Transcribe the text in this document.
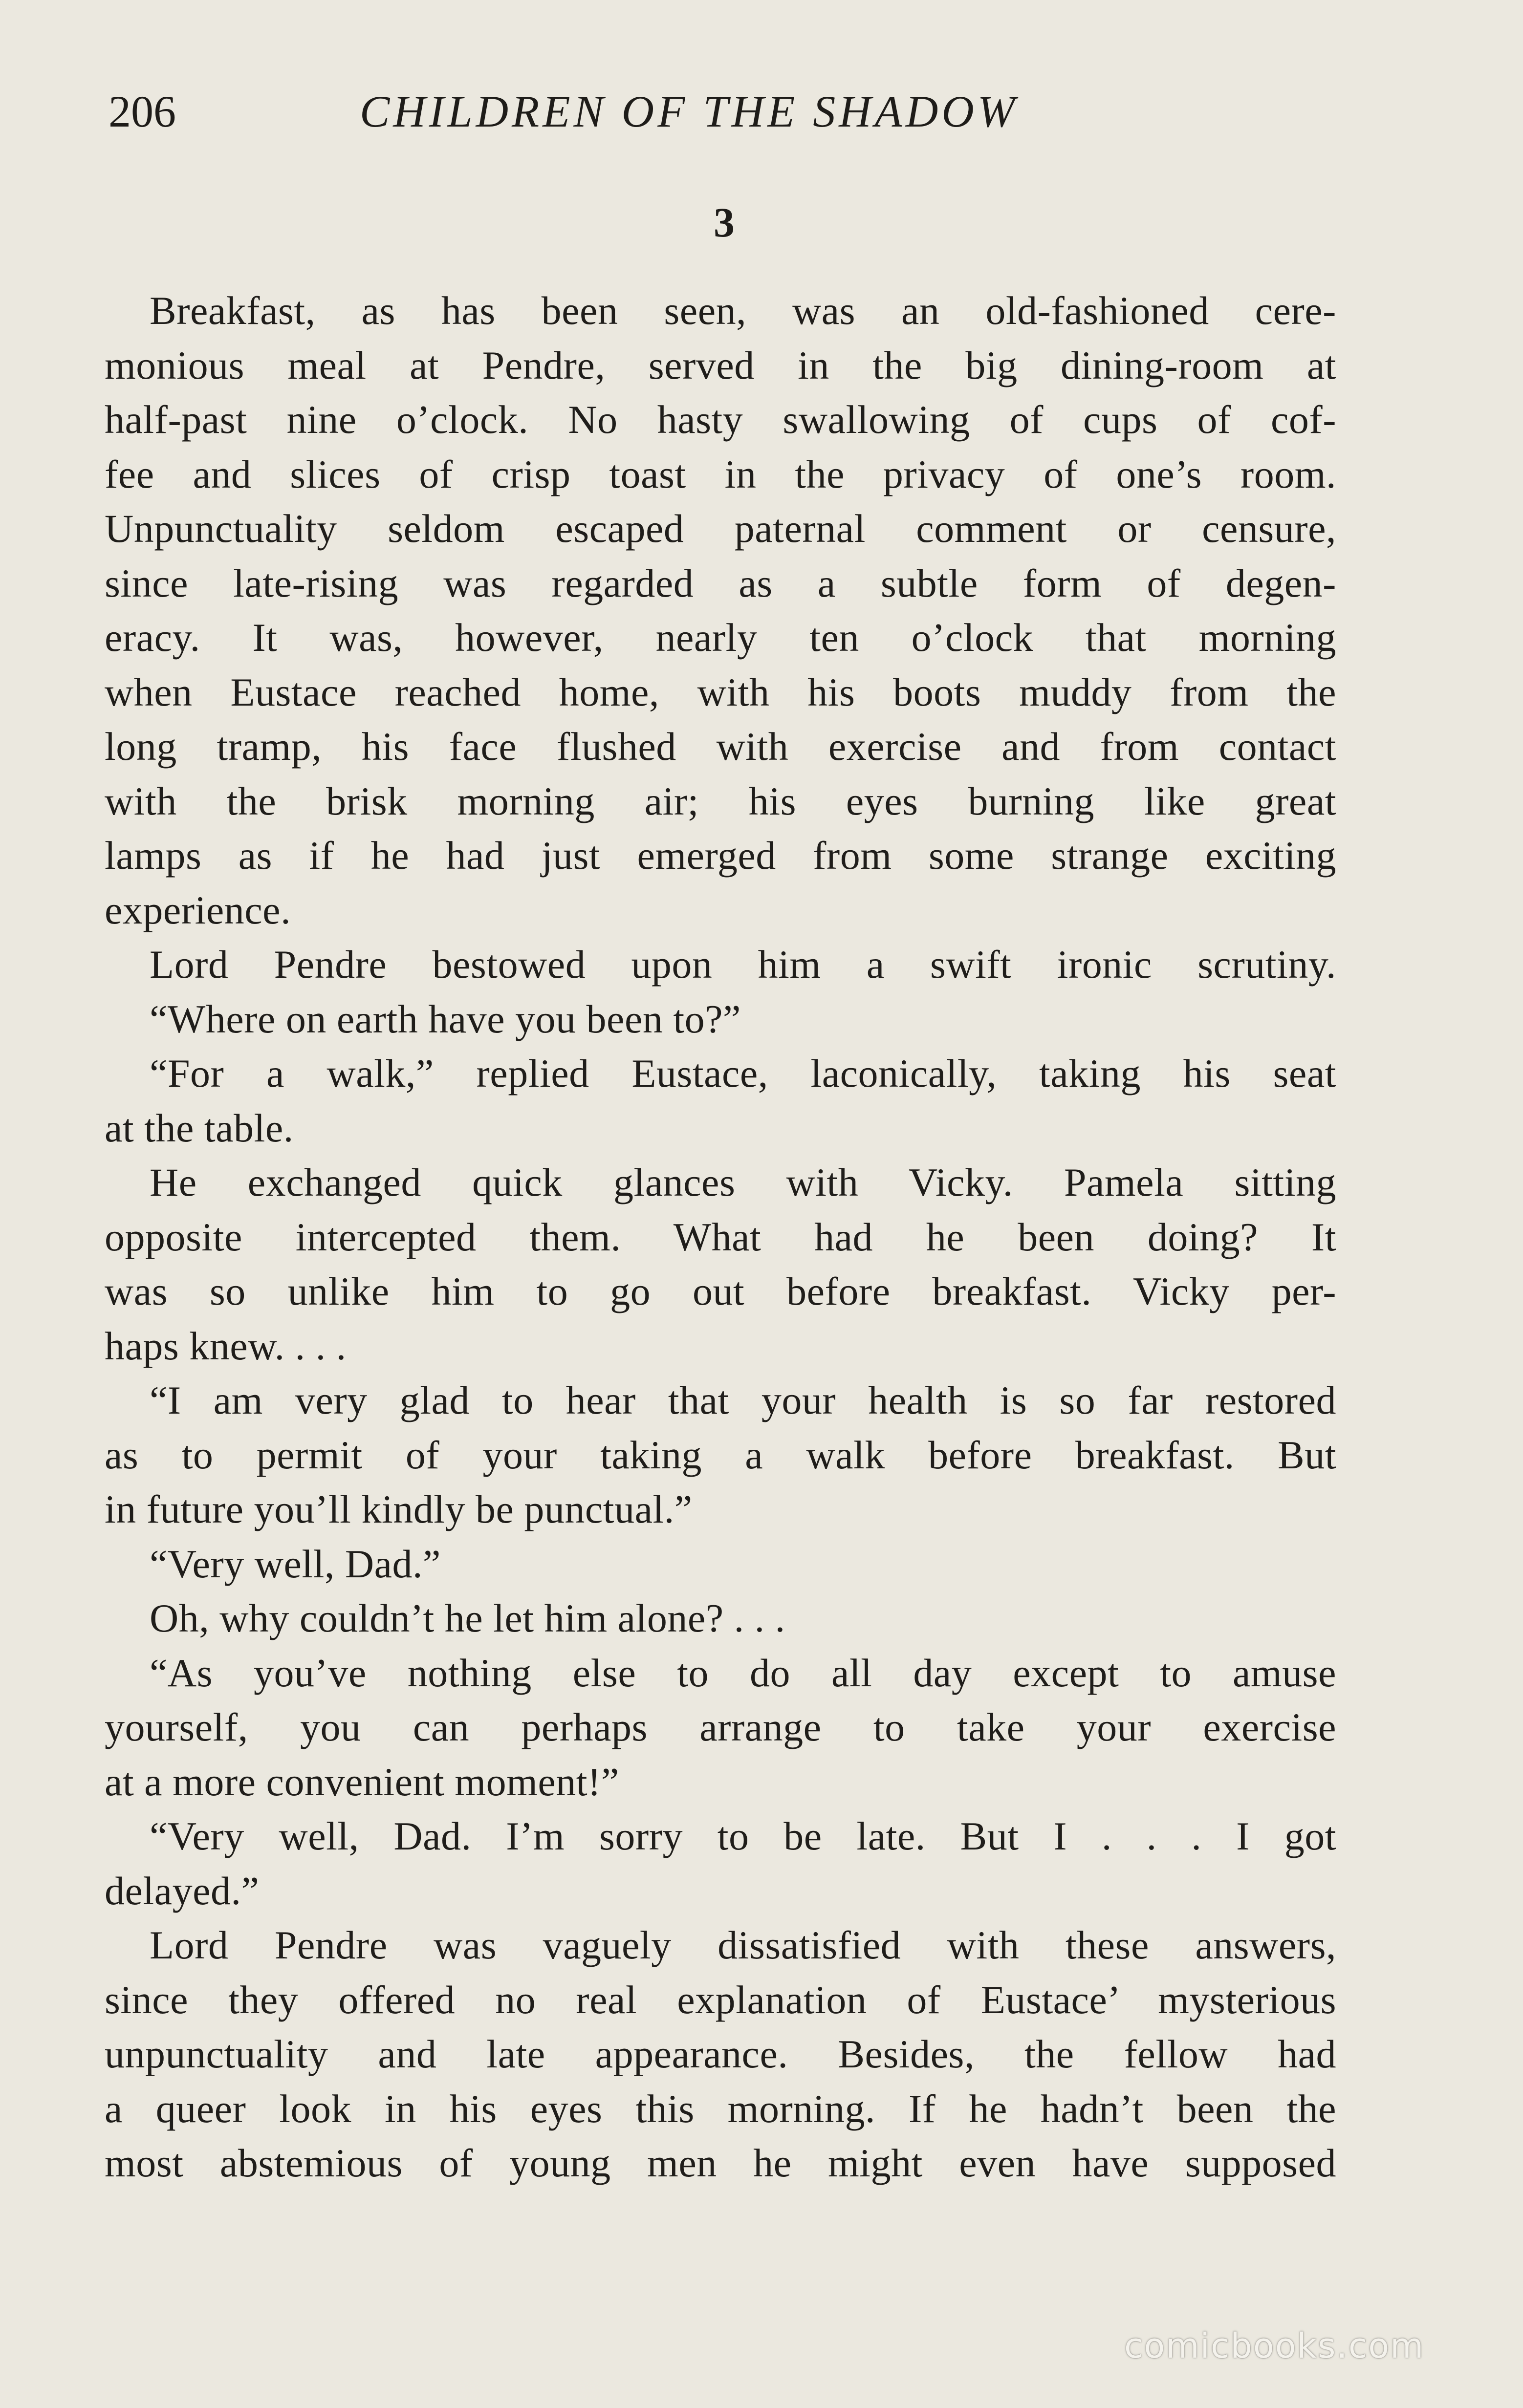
206	CHILDREN OF THE SHADOW
3
Breakfast, as has been seen, was an old-fashioned cere-
monious meal at Pendre, served in the big dining-room at
half-past nine o’clock. No hasty swallowing of cups of cof-
fee and slices of crisp toast in the privacy of one’s room.
Unpunctuality seldom escaped paternal comment or censure,
since late-rising was regarded as a subtle form of degen-
eracy. It was, however, nearly ten o’clock that morning
when Eustace reached home, with his boots muddy from the
long tramp, his face flushed with exercise and from contact
with the brisk morning air; his eyes burning like great
lamps as if he had just emerged from some strange exciting
experience.
Lord Pendre bestowed upon him a swift ironic scrutiny.
“Where on earth have you been to?”
“For a walk,” replied Eustace, laconically, taking his seat
at the table.
He exchanged quick glances with Vicky. Pamela sitting
opposite intercepted them. What had he been doing? It
was so unlike him to go out before breakfast. Vicky per-
haps knew. . . .
“I am very glad to hear that your health is so far restored
as to permit of your taking a walk before breakfast. But
in future you’ll kindly be punctual.”
“Very well, Dad.”
Oh, why couldn’t he let him alone? . . .
“As you’ve nothing else to do all day except to amuse
yourself, you can perhaps arrange to take your exercise
at a more convenient moment!”
“Very well, Dad. I’m sorry to be late. But I . . . I got
delayed.”
Lord Pendre was vaguely dissatisfied with these answers,
since they offered no real explanation of Eustace’ mysterious
unpunctuality and late appearance. Besides, the fellow had
a queer look in his eyes this morning. If he hadn’t been the
most abstemious of young men he might even have supposed
comicbooks.com
